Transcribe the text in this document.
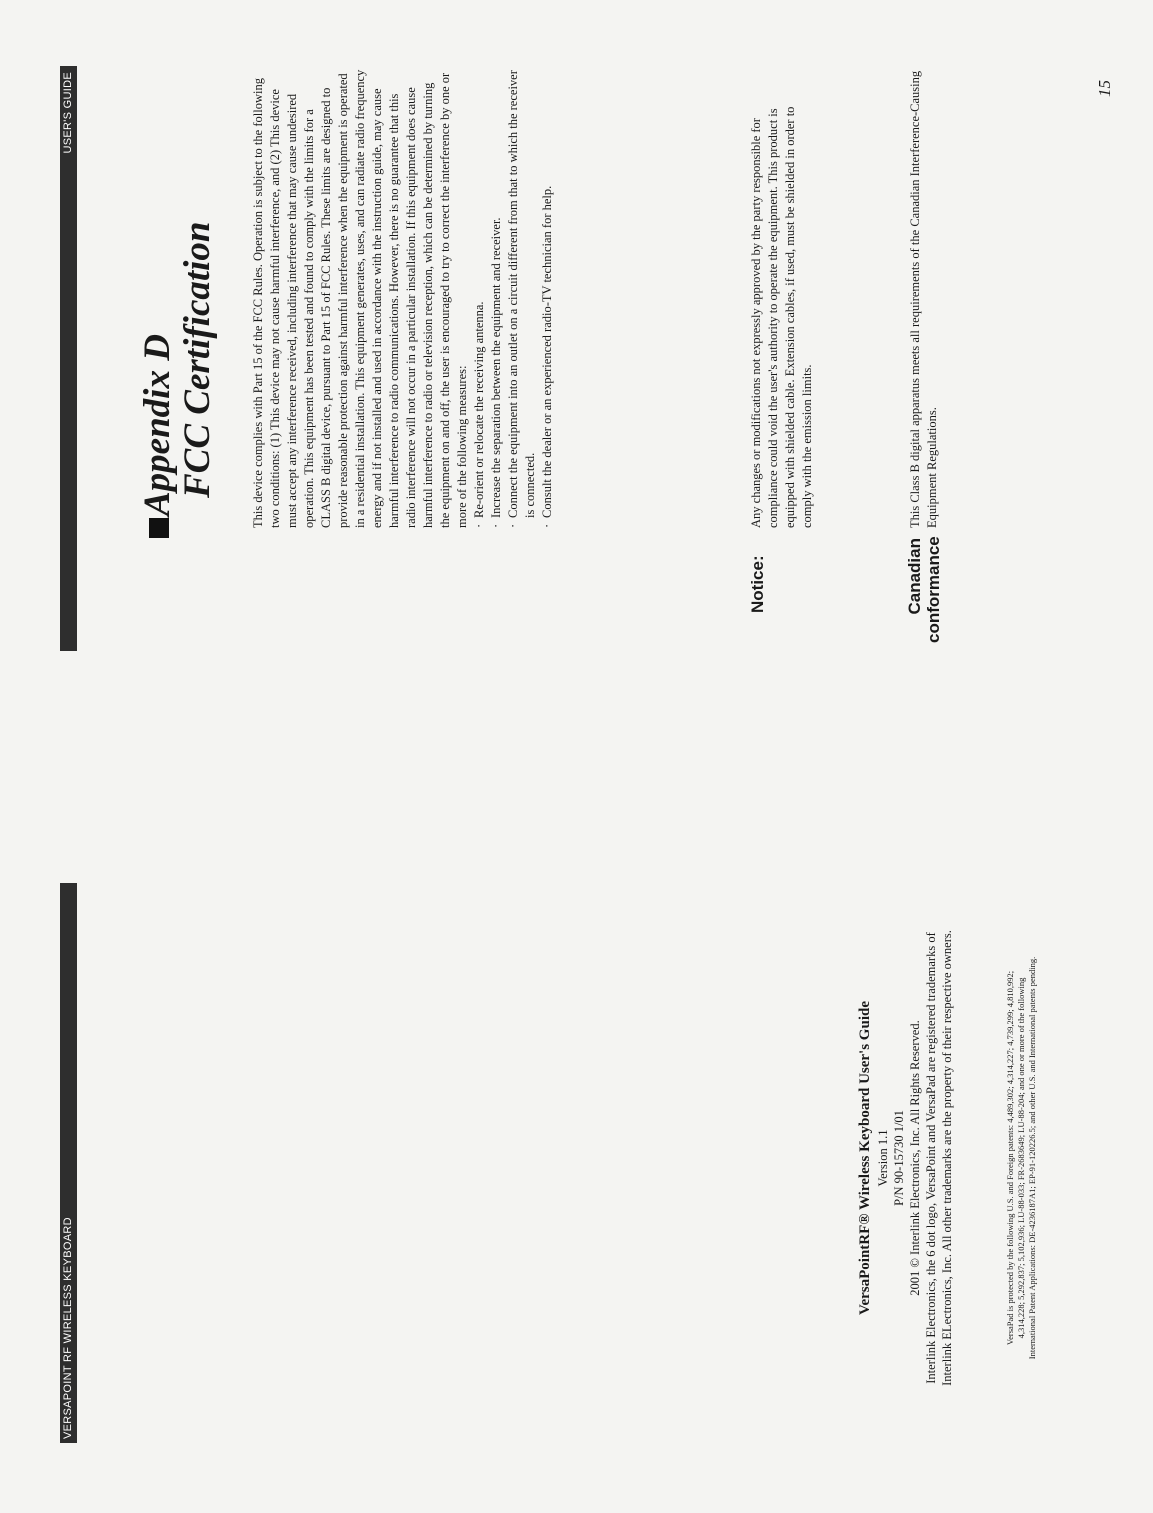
VERSAPOINT RF WIRELESS KEYBOARD
USER'S GUIDE
VersaPointRF® Wireless Keyboard User's Guide Version 1.1 P/N 90-15730 1/01 2001 © Interlink Electronics, Inc. All Rights Reserved. Interlink Electronics, the 6 dot logo, VersaPoint and VersaPad are registered trademarks of Interlink ELectronics, Inc. All other trademarks are the property of their respective owners.	VersaPad is protected by the following U.S. and Foreign patents: 4,489,302; 4,314,227; 4,739,299; 4,810,992; 4,314,228; 5,292,837; 5,102,936; LU-88-033; FR-2683649; LU-88-204; and one or more of the following International Patent Applications: DE-4236187A1; EP-91-120226.5; and other U.S. and International patents pending.
Appendix D FCC Certification	This device complies with Part 15 of the FCC Rules. Operation is subject to the following two conditions: (1) This device may not cause harmful interference, and (2) This device must accept any interference received, including interference that may cause undesired operation. This equipment has been tested and found to comply with the limits for a CLASS B digital device, pursuant to Part 15 of FCC Rules. These limits are designed to provide reasonable protection against harmful interference when the equipment is operated in a residential installation. This equipment generates, uses, and can radiate radio frequency energy and if not installed and used in accordance with the instruction guide, may cause harmful interference to radio communications. However, there is no guarantee that this radio interference will not occur in a particular installation. If this equipment does cause harmful interference to radio or television reception, which can be determined by turning the equipment on and off, the user is encouraged to try to correct the interference by one or more of the following measures: · Re-orient or relocate the receiving antenna. · Increase the separation between the equipment and receiver. · Connect the equipment into an outlet on a circuit different from that to which the receiver is connected. · Consult the dealer or an experienced radio-TV technician for help.
Notice:
Any changes or modifications not expressly approved by the party responsible for compliance could void the user's authority to operate the equipment. This product is equipped with shielded cable. Extension cables, if used, must be shielded in order to comply with the emission limits.
Canadian conformance
This Class B digital apparatus meets all requirements of the Canadian Interference-Causing Equipment Regulations.
15
